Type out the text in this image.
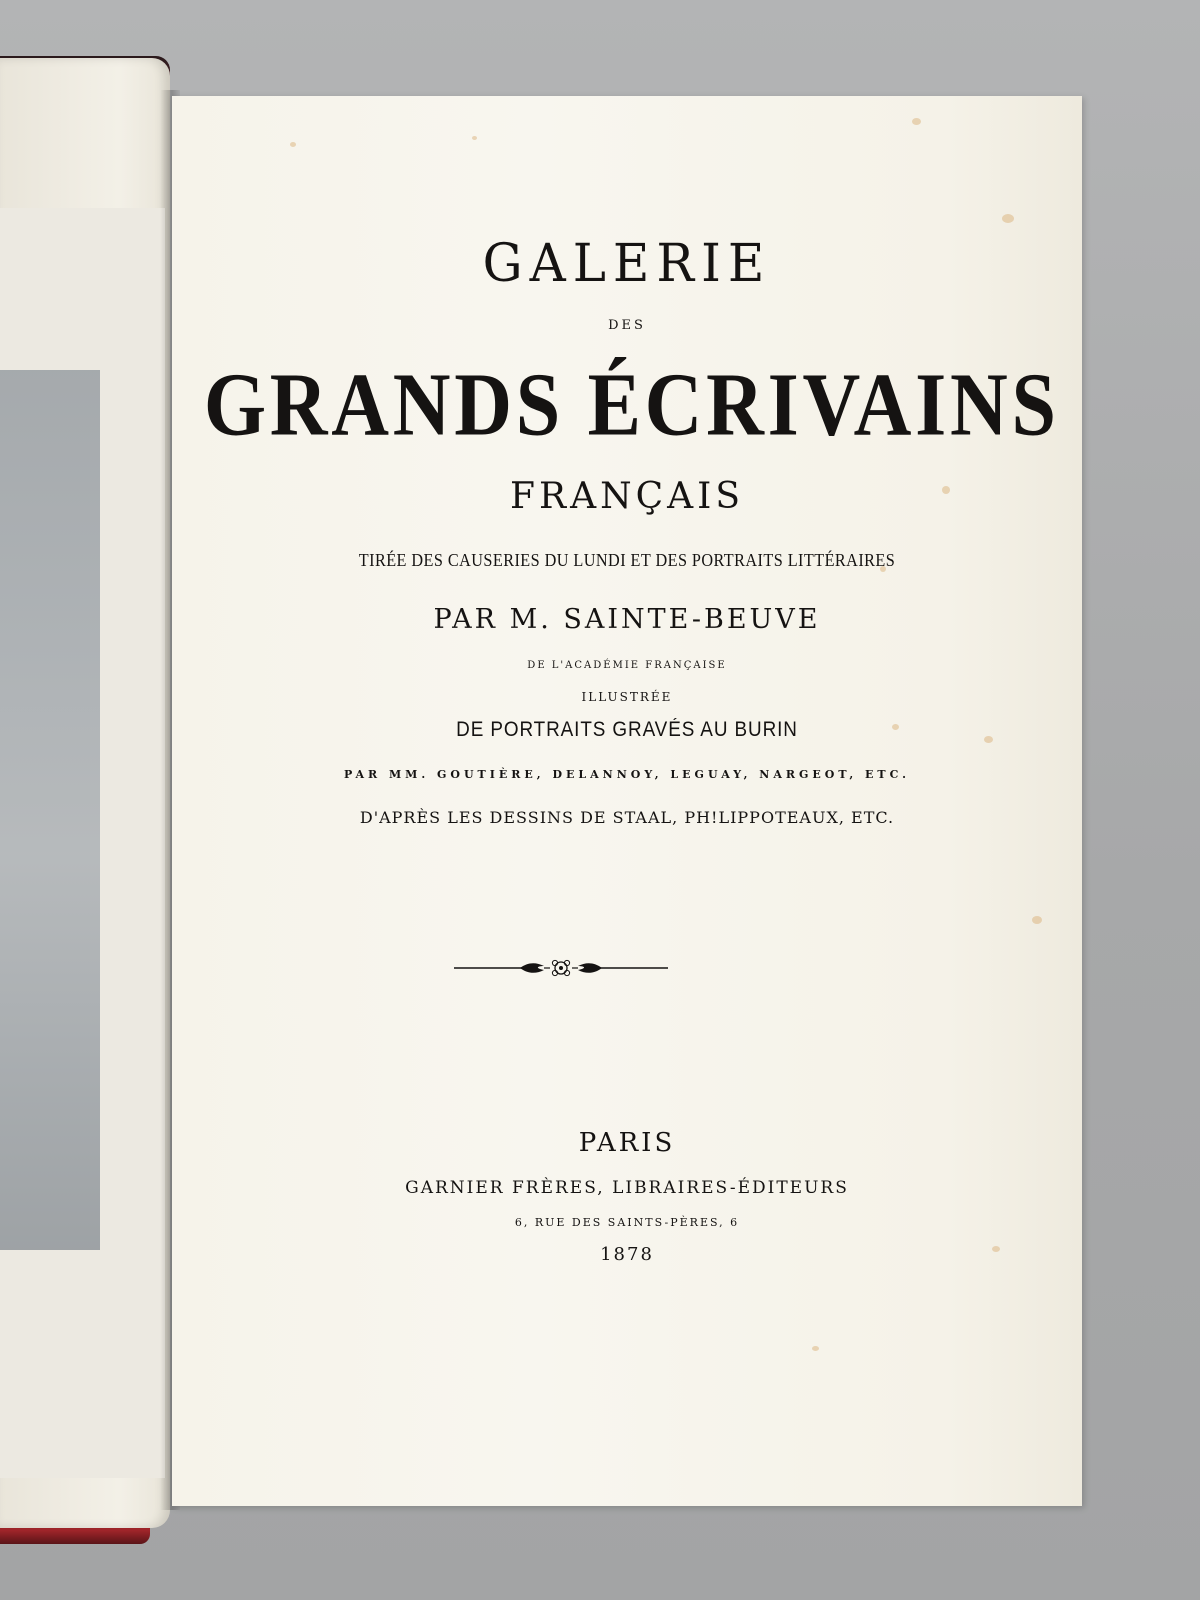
GALERIE
DES
GRANDS ÉCRIVAINS
FRANÇAIS
TIRÉE DES CAUSERIES DU LUNDI ET DES PORTRAITS LITTÉRAIRES
PAR M. SAINTE-BEUVE
DE L'ACADÉMIE FRANÇAISE
ILLUSTRÉE
DE PORTRAITS GRAVÉS AU BURIN
PAR MM. GOUTIÈRE, DELANNOY, LEGUAY, NARGEOT, ETC.
D'APRÈS LES DESSINS DE STAAL, PH!LIPPOTEAUX, ETC.
PARIS
GARNIER FRÈRES, LIBRAIRES-ÉDITEURS
6, RUE DES SAINTS-PÈRES, 6
1878
